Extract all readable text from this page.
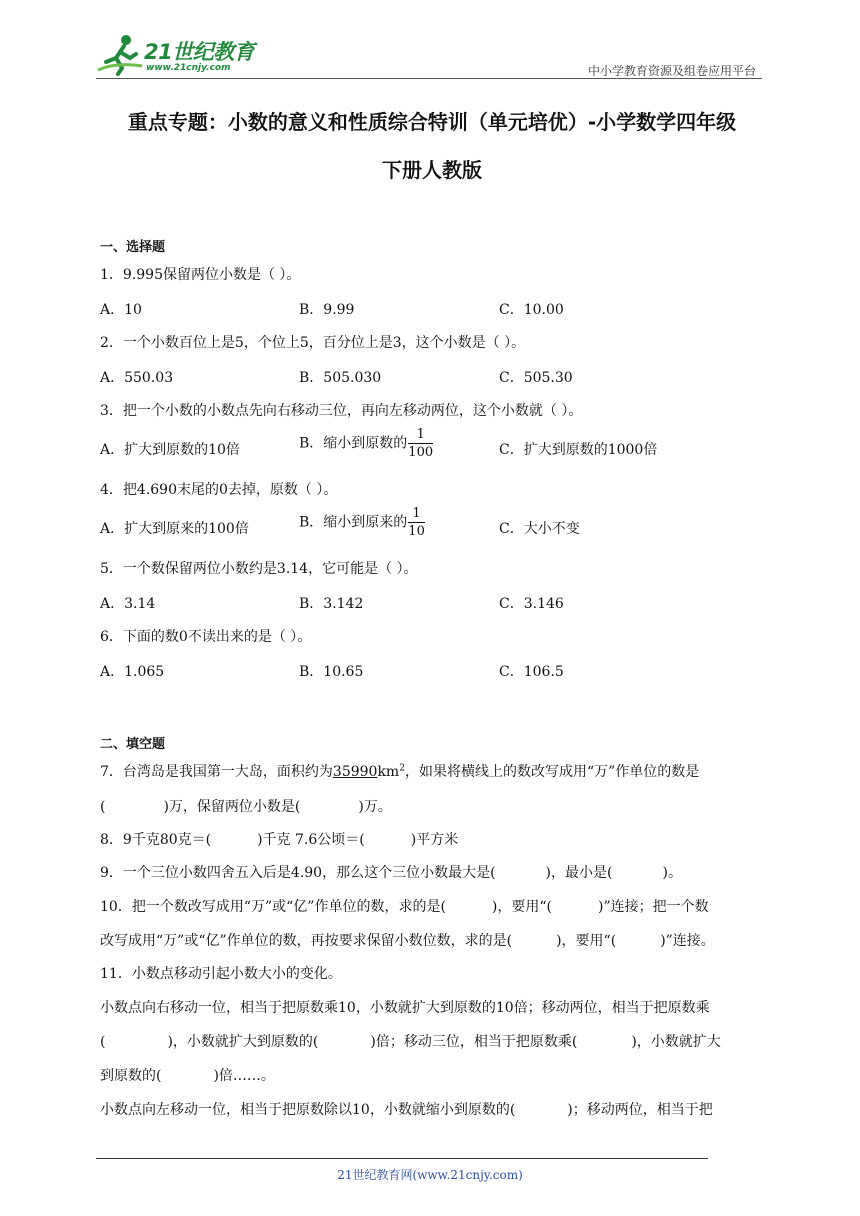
21世纪教育
www.21cnjy.com	中小学教育资源及组卷应用平台
重点专题：小数的意义和性质综合特训（单元培优）-小学数学四年级
下册人教版
一、选择题
1．9.995保留两位小数是（ ）。
A．10	B．9.99	C．10.00
2．一个小数百位上是5，个位上5，百分位上是3，这个小数是（ ）。
A．550.03	B．505.030	C．505.30
3．把一个小数的小数点先向右移动三位，再向左移动两位，这个小数就（ ）。
A．扩大到原数的10倍	B．缩小到原数的 $\frac{1}{100}$	C．扩大到原数的1000倍
4．把4.690末尾的0去掉，原数（ ）。
A．扩大到原来的100倍	B．缩小到原来的 $\frac{1}{10}$	C．大小不变
5．一个数保留两位小数约是3.14，它可能是（ ）。
A．3.14	B．3.142	C．3.146
6．下面的数0不读出来的是（ ）。
A．1.065	B．10.65	C．106.5
二、填空题
7．台湾岛是我国第一大岛，面积约为$35990km^2$，如果将横线上的数改写成用“万”作单位的数是
(	)万，保留两位小数是(	)万。
8．9千克80克＝(	)千克 7.6公顷＝(	)平方米
9．一个三位小数四舍五入后是4.90，那么这个三位小数最大是(	)，最小是(	)。
10．把一个数改写成用“万”或“亿”作单位的数，求的是(	)，要用“(	)”连接；把一个数
改写成用“万”或“亿”作单位的数，再按要求保留小数位数，求的是(	)，要用“(	)”连接。
11．小数点移动引起小数大小的变化。
小数点向右移动一位，相当于把原数乘10，小数就扩大到原数的10倍；移动两位，相当于把原数乘
(	)，小数就扩大到原数的(	)倍；移动三位，相当于把原数乘(	)，小数就扩大
到原数的(	)倍……。
小数点向左移动一位，相当于把原数除以10，小数就缩小到原数的(	)；移动两位，相当于把
21世纪教育网(www.21cnjy.com)
